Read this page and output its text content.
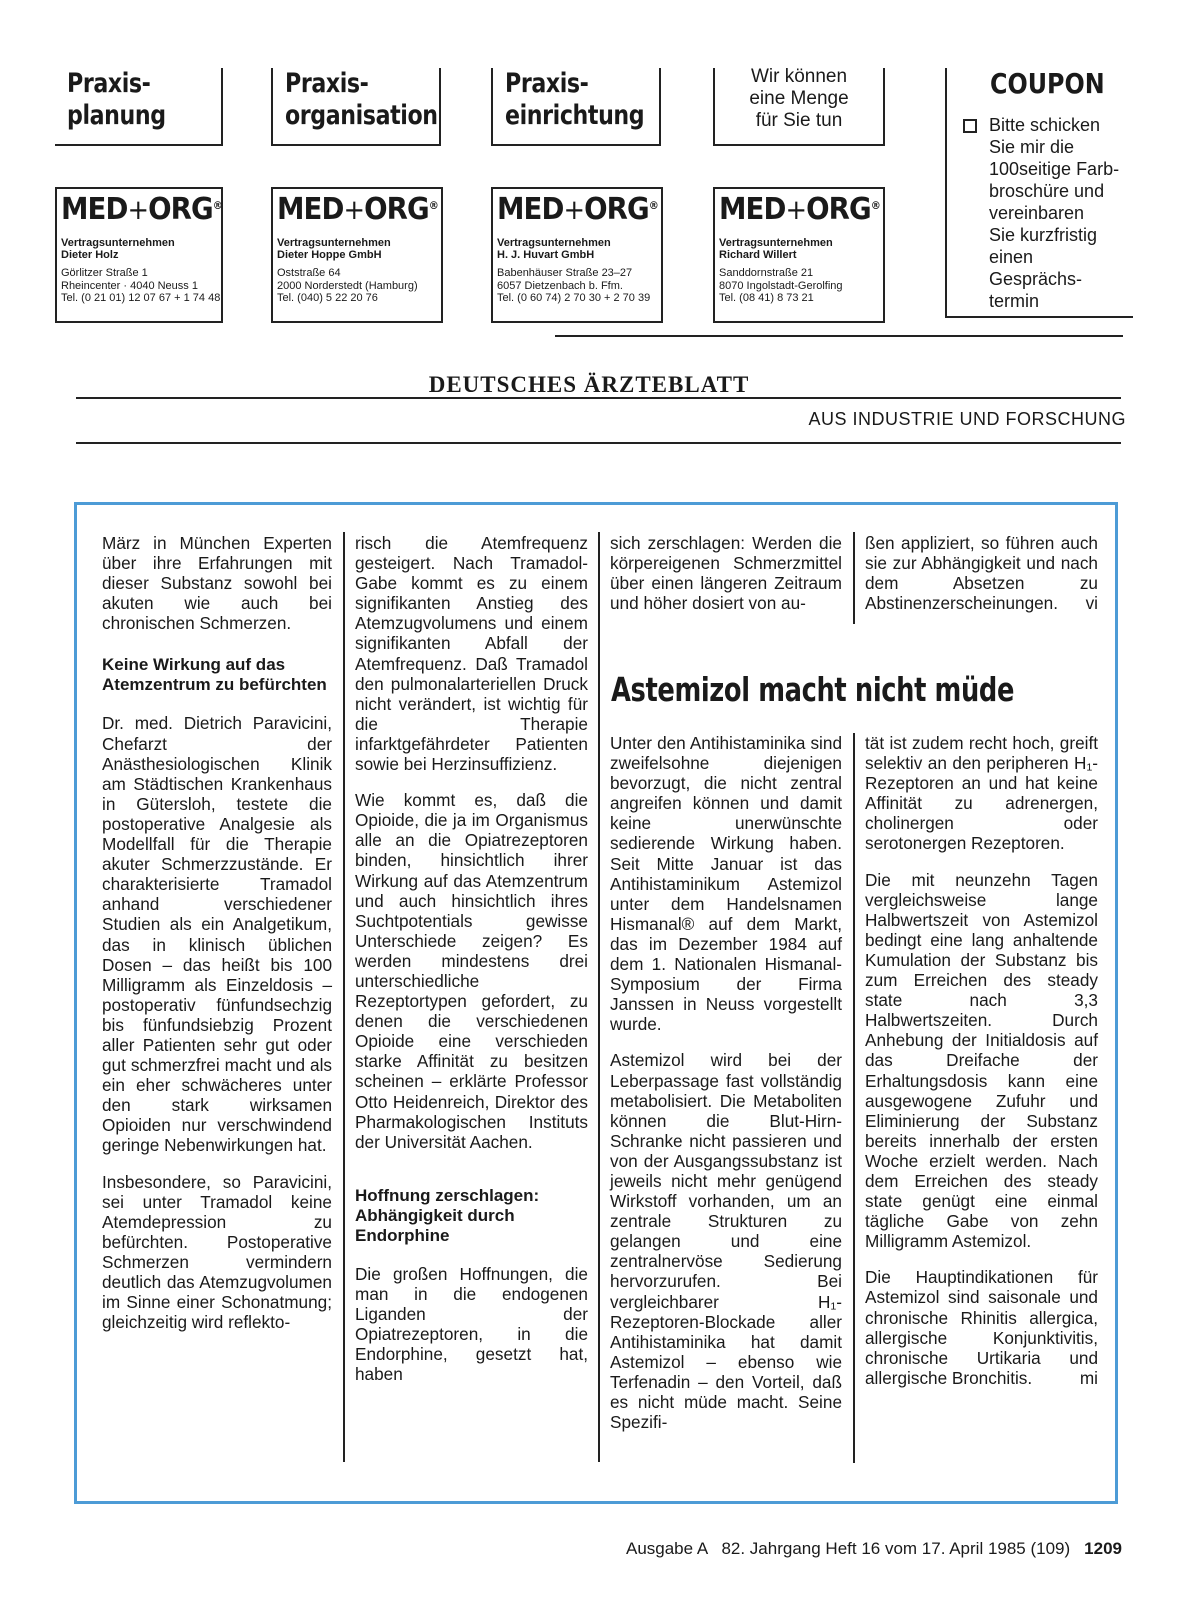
Praxis-
planung
Praxis-
organisation
Praxis-
einrichtung
Wir können
eine Menge
für Sie tun
MED+ORG®
Vertragsunternehmen
Dieter Holz
Görlitzer Straße 1
Rheincenter · 4040 Neuss 1
Tel. (0 21 01) 12 07 67 + 1 74 48
MED+ORG®
Vertragsunternehmen
Dieter Hoppe GmbH
Oststraße 64
2000 Norderstedt (Hamburg)
Tel. (040) 5 22 20 76
MED+ORG®
Vertragsunternehmen
H. J. Huvart GmbH
Babenhäuser Straße 23–27
6057 Dietzenbach b. Ffm.
Tel. (0 60 74) 2 70 30 + 2 70 39
MED+ORG®
Vertragsunternehmen
Richard Willert
Sanddornstraße 21
8070 Ingolstadt-Gerolfing
Tel. (08 41) 8 73 21
COUPON
Bitte schicken
Sie mir die
100seitige Farb-
broschüre und
vereinbaren
Sie kurzfristig
einen
Gesprächs-
termin
DEUTSCHES ÄRZTEBLATT
AUS INDUSTRIE UND FORSCHUNG

März in München Experten über ihre Erfahrungen mit dieser Substanz sowohl bei akuten wie auch bei chronischen Schmerzen.

Keine Wirkung auf das Atemzentrum zu befürchten

Dr. med. Dietrich Paravicini, Chefarzt der Anästhesiologischen Klinik am Städtischen Krankenhaus in Gütersloh, testete die postoperative Analgesie als Modellfall für die Therapie akuter Schmerzzustände. Er charakterisierte Tramadol anhand verschiedener Studien als ein Analgetikum, das in klinisch üblichen Dosen – das heißt bis 100 Milligramm als Einzeldosis – postoperativ fünfundsechzig bis fünfundsiebzig Prozent aller Patienten sehr gut oder gut schmerzfrei macht und als ein eher schwächeres unter den stark wirksamen Opioiden nur verschwindend geringe Nebenwirkungen hat.

Insbesondere, so Paravicini, sei unter Tramadol keine Atemdepression zu befürchten. Postoperative Schmerzen vermindern deutlich das Atemzugvolumen im Sinne einer Schonatmung; gleichzeitig wird reflekto-

risch die Atemfrequenz gesteigert. Nach Tramadol-Gabe kommt es zu einem signifikanten Anstieg des Atemzugvolumens und einem signifikanten Abfall der Atemfrequenz. Daß Tramadol den pulmonalarteriellen Druck nicht verändert, ist wichtig für die Therapie infarktgefährdeter Patienten sowie bei Herzinsuffizienz.

Wie kommt es, daß die Opioide, die ja im Organismus alle an die Opiatrezeptoren binden, hinsichtlich ihrer Wirkung auf das Atemzentrum und auch hinsichtlich ihres Suchtpotentials gewisse Unterschiede zeigen? Es werden mindestens drei unterschiedliche Rezeptortypen gefordert, zu denen die verschiedenen Opioide eine verschieden starke Affinität zu besitzen scheinen – erklärte Professor Otto Heidenreich, Direktor des Pharmakologischen Instituts der Universität Aachen.

Hoffnung zerschlagen: Abhängigkeit durch Endorphine

Die großen Hoffnungen, die man in die endogenen Liganden der Opiatrezeptoren, in die Endorphine, gesetzt hat, haben

sich zerschlagen: Werden die körpereigenen Schmerzmittel über einen längeren Zeitraum und höher dosiert von au-

ßen appliziert, so führen auch sie zur Abhängigkeit und nach dem Absetzen zu Abstinenzerscheinungen. vi

Astemizol macht nicht müde

Unter den Antihistaminika sind zweifelsohne diejenigen bevorzugt, die nicht zentral angreifen können und damit keine unerwünschte sedierende Wirkung haben. Seit Mitte Januar ist das Antihistaminikum Astemizol unter dem Handelsnamen Hismanal® auf dem Markt, das im Dezember 1984 auf dem 1. Nationalen Hismanal-Symposium der Firma Janssen in Neuss vorgestellt wurde.

Astemizol wird bei der Leberpassage fast vollständig metabolisiert. Die Metaboliten können die Blut-Hirn-Schranke nicht passieren und von der Ausgangssubstanz ist jeweils nicht mehr genügend Wirkstoff vorhanden, um an zentrale Strukturen zu gelangen und eine zentralnervöse Sedierung hervorzurufen. Bei vergleichbarer H₁-Rezeptoren-Blockade aller Antihistaminika hat damit Astemizol – ebenso wie Terfenadin – den Vorteil, daß es nicht müde macht. Seine Spezifi-

tät ist zudem recht hoch, greift selektiv an den peripheren H₁-Rezeptoren an und hat keine Affinität zu adrenergen, cholinergen oder serotonergen Rezeptoren.

Die mit neunzehn Tagen vergleichsweise lange Halbwertszeit von Astemizol bedingt eine lang anhaltende Kumulation der Substanz bis zum Erreichen des steady state nach 3,3 Halbwertszeiten. Durch Anhebung der Initialdosis auf das Dreifache der Erhaltungsdosis kann eine ausgewogene Zufuhr und Eliminierung der Substanz bereits innerhalb der ersten Woche erzielt werden. Nach dem Erreichen des steady state genügt eine einmal tägliche Gabe von zehn Milligramm Astemizol.

Die Hauptindikationen für Astemizol sind saisonale und chronische Rhinitis allergica, allergische Konjunktivitis, chronische Urtikaria und allergische Bronchitis.	mi

Ausgabe A   82. Jahrgang Heft 16 vom 17. April 1985 (109) 1209
